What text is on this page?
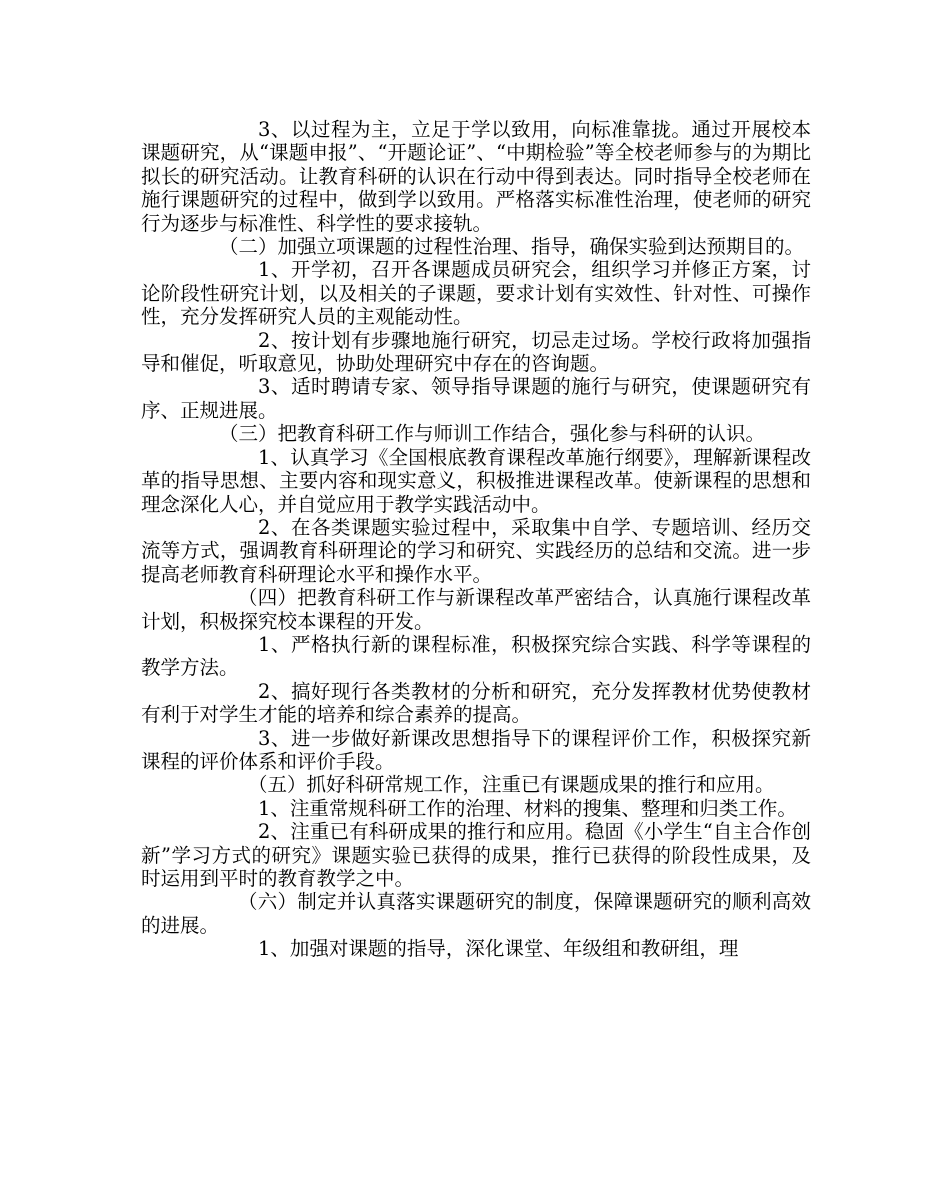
3、以过程为主，立足于学以致用，向标准靠拢。通过开展校本课题研究，从“课题申报”、“开题论证”、“中期检验”等全校老师参与的为期比拟长的研究活动。让教育科研的认识在行动中得到表达。同时指导全校老师在施行课题研究的过程中，做到学以致用。严格落实标准性治理，使老师的研究行为逐步与标准性、科学性的要求接轨。

（二）加强立项课题的过程性治理、指导，确保实验到达预期目的。

1、开学初，召开各课题成员研究会，组织学习并修正方案，讨论阶段性研究计划，以及相关的子课题，要求计划有实效性、针对性、可操作性，充分发挥研究人员的主观能动性。

2、按计划有步骤地施行研究，切忌走过场。学校行政将加强指导和催促，听取意见，协助处理研究中存在的咨询题。

3、适时聘请专家、领导指导课题的施行与研究，使课题研究有序、正规进展。

（三）把教育科研工作与师训工作结合，强化参与科研的认识。

1、认真学习《全国根底教育课程改革施行纲要》，理解新课程改革的指导思想、主要内容和现实意义，积极推进课程改革。使新课程的思想和理念深化人心，并自觉应用于教学实践活动中。

2、在各类课题实验过程中，采取集中自学、专题培训、经历交流等方式，强调教育科研理论的学习和研究、实践经历的总结和交流。进一步提高老师教育科研理论水平和操作水平。

（四）把教育科研工作与新课程改革严密结合，认真施行课程改革计划，积极探究校本课程的开发。

1、严格执行新的课程标准，积极探究综合实践、科学等课程的教学方法。

2、搞好现行各类教材的分析和研究，充分发挥教材优势使教材有利于对学生才能的培养和综合素养的提高。

3、进一步做好新课改思想指导下的课程评价工作，积极探究新课程的评价体系和评价手段。

（五）抓好科研常规工作，注重已有课题成果的推行和应用。

1、注重常规科研工作的治理、材料的搜集、整理和归类工作。

2、注重已有科研成果的推行和应用。稳固《小学生“自主合作创新”学习方式的研究》课题实验已获得的成果，推行已获得的阶段性成果，及时运用到平时的教育教学之中。

（六）制定并认真落实课题研究的制度，保障课题研究的顺利高效的进展。

1、加强对课题的指导，深化课堂、年级组和教研组，理
